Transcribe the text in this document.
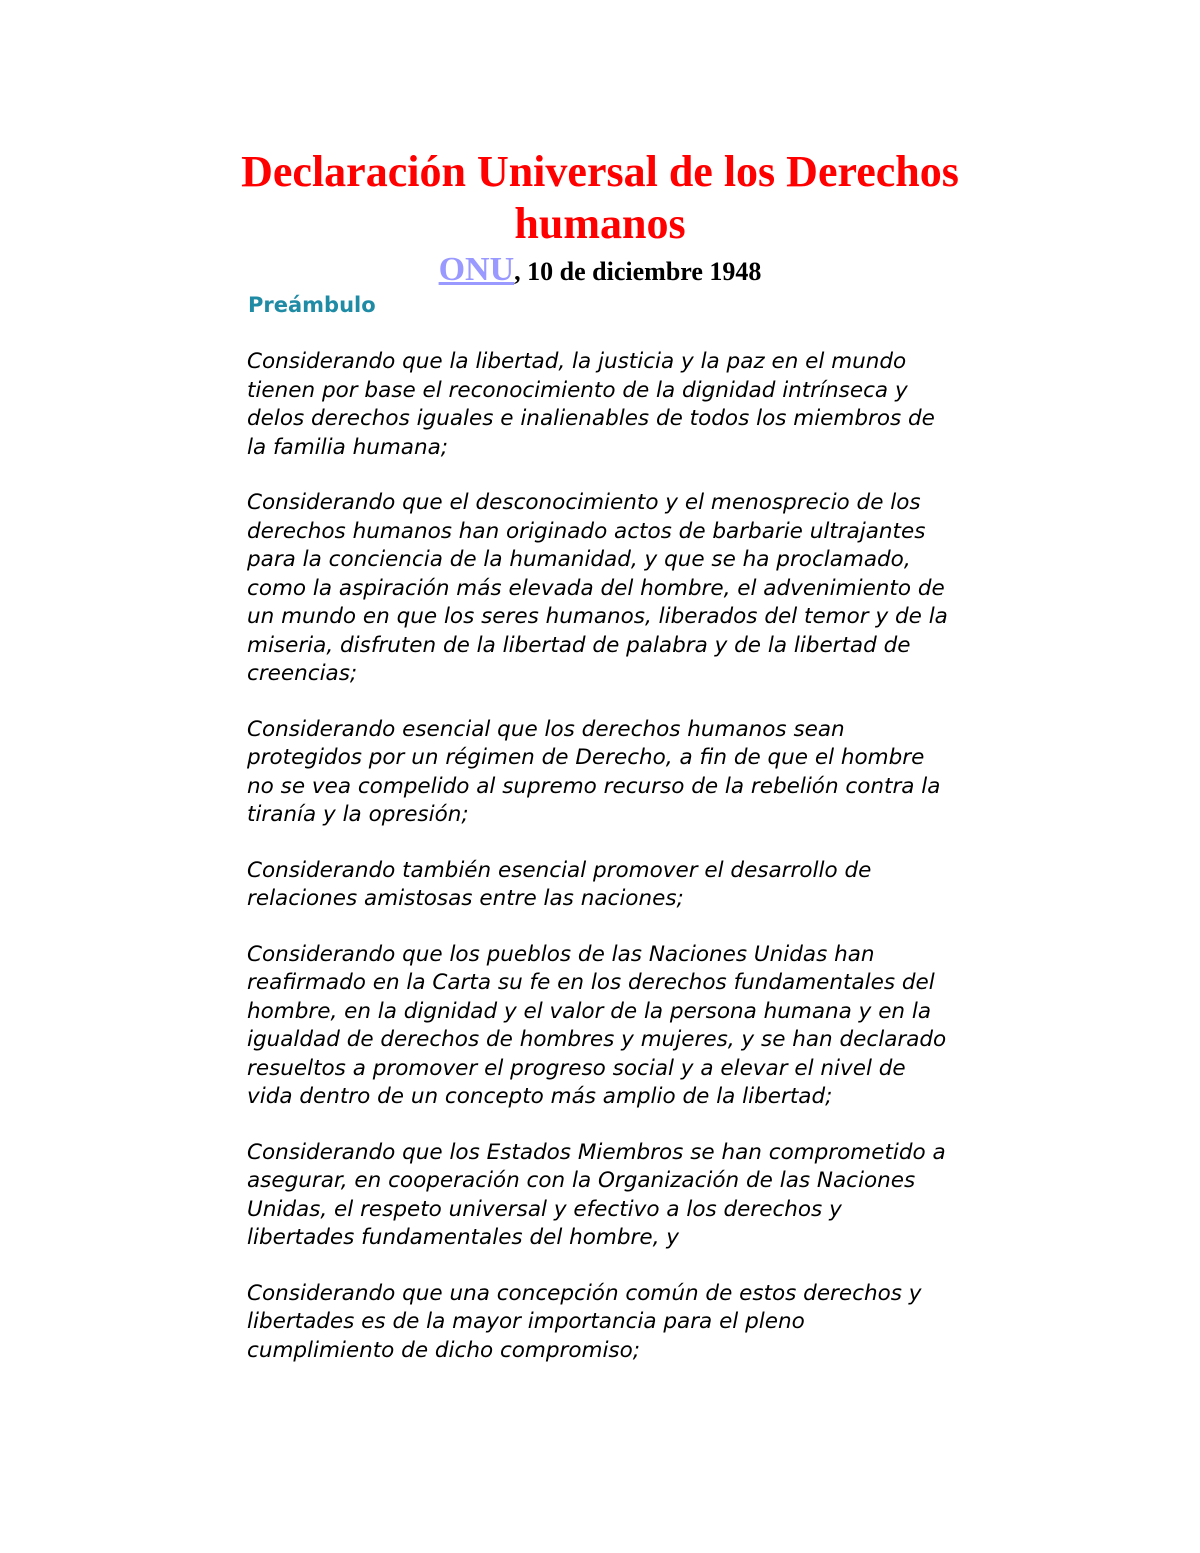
Declaración Universal de los Derechos
humanos

ONU, 10 de diciembre 1948

Preámbulo

Considerando que la libertad, la justicia y la paz en el mundo
tienen por base el reconocimiento de la dignidad intrínseca y
delos derechos iguales e inalienables de todos los miembros de
la familia humana;

Considerando que el desconocimiento y el menosprecio de los
derechos humanos han originado actos de barbarie ultrajantes
para la conciencia de la humanidad, y que se ha proclamado,
como la aspiración más elevada del hombre, el advenimiento de
un mundo en que los seres humanos, liberados del temor y de la
miseria, disfruten de la libertad de palabra y de la libertad de
creencias;

Considerando esencial que los derechos humanos sean
protegidos por un régimen de Derecho, a fin de que el hombre
no se vea compelido al supremo recurso de la rebelión contra la
tiranía y la opresión;

Considerando también esencial promover el desarrollo de
relaciones amistosas entre las naciones;

Considerando que los pueblos de las Naciones Unidas han
reafirmado en la Carta su fe en los derechos fundamentales del
hombre, en la dignidad y el valor de la persona humana y en la
igualdad de derechos de hombres y mujeres, y se han declarado
resueltos a promover el progreso social y a elevar el nivel de
vida dentro de un concepto más amplio de la libertad;

Considerando que los Estados Miembros se han comprometido a
asegurar, en cooperación con la Organización de las Naciones
Unidas, el respeto universal y efectivo a los derechos y
libertades fundamentales del hombre, y

Considerando que una concepción común de estos derechos y
libertades es de la mayor importancia para el pleno
cumplimiento de dicho compromiso;
